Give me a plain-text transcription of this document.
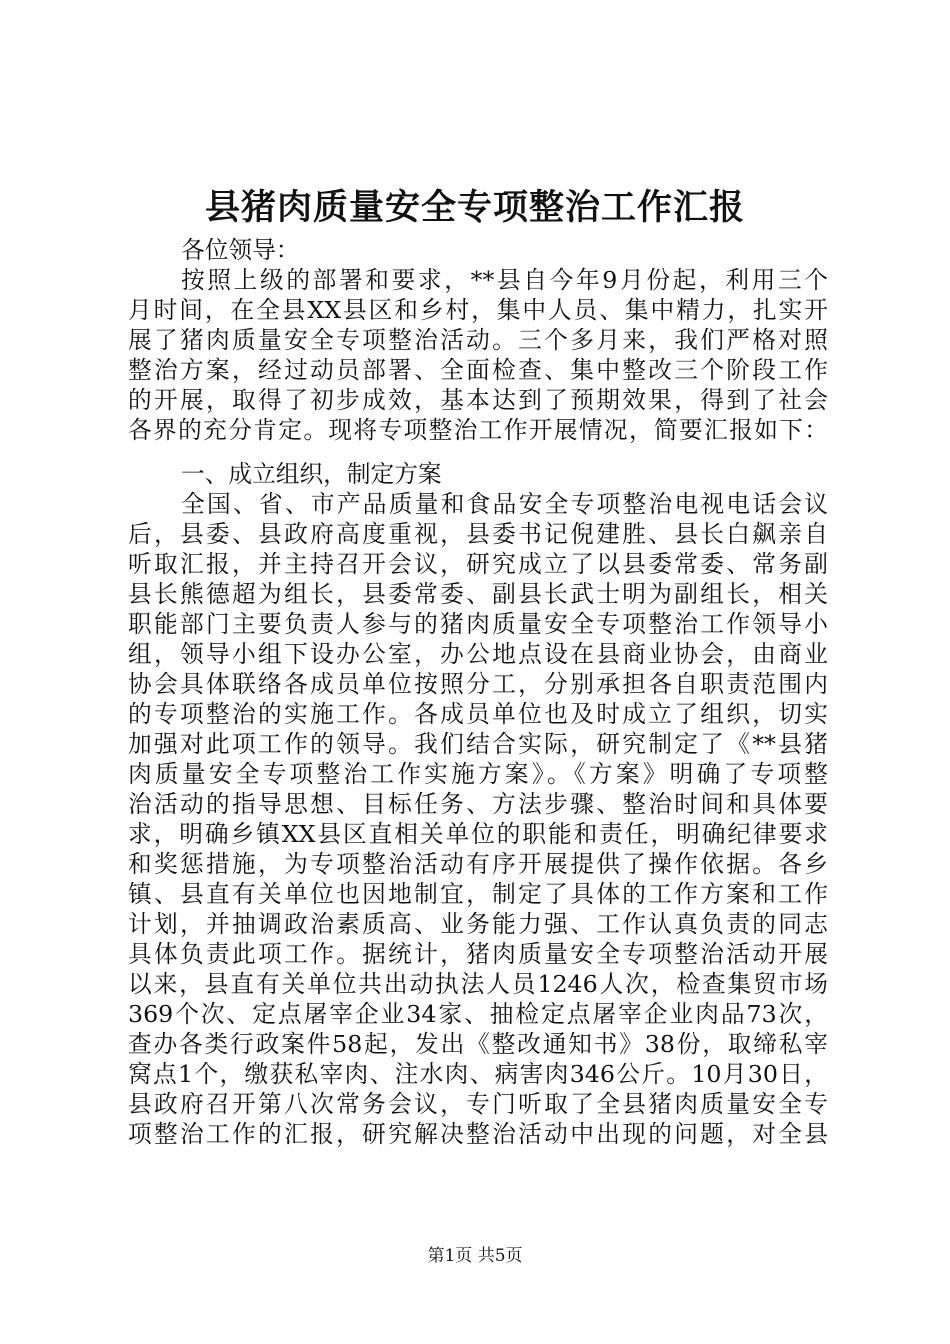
县猪肉质量安全专项整治工作汇报
各位领导：
按照上级的部署和要求，**县自今年9月份起，利用三个
月时间，在全县XX县区和乡村，集中人员、集中精力，扎实开
展了猪肉质量安全专项整治活动。三个多月来，我们严格对照
整治方案，经过动员部署、全面检查、集中整改三个阶段工作
的开展，取得了初步成效，基本达到了预期效果，得到了社会
各界的充分肯定。现将专项整治工作开展情况，简要汇报如下：
一、成立组织，制定方案
全国、省、市产品质量和食品安全专项整治电视电话会议
后，县委、县政府高度重视，县委书记倪建胜、县长白飙亲自
听取汇报，并主持召开会议，研究成立了以县委常委、常务副
县长熊德超为组长，县委常委、副县长武士明为副组长，相关
职能部门主要负责人参与的猪肉质量安全专项整治工作领导小
组，领导小组下设办公室，办公地点设在县商业协会，由商业
协会具体联络各成员单位按照分工，分别承担各自职责范围内
的专项整治的实施工作。各成员单位也及时成立了组织，切实
加强对此项工作的领导。我们结合实际，研究制定了《**县猪
肉质量安全专项整治工作实施方案》。《方案》明确了专项整
治活动的指导思想、目标任务、方法步骤、整治时间和具体要
求，明确乡镇XX县区直相关单位的职能和责任，明确纪律要求
和奖惩措施，为专项整治活动有序开展提供了操作依据。各乡
镇、县直有关单位也因地制宜，制定了具体的工作方案和工作
计划，并抽调政治素质高、业务能力强、工作认真负责的同志
具体负责此项工作。据统计，猪肉质量安全专项整治活动开展
以来，县直有关单位共出动执法人员1246人次，检查集贸市场
369个次、定点屠宰企业34家、抽检定点屠宰企业肉品73次，
查办各类行政案件58起，发出《整改通知书》38份，取缔私宰
窝点1个，缴获私宰肉、注水肉、病害肉346公斤。10月30日，
县政府召开第八次常务会议，专门听取了全县猪肉质量安全专
项整治工作的汇报，研究解决整治活动中出现的问题，对全县
第1页 共5页
